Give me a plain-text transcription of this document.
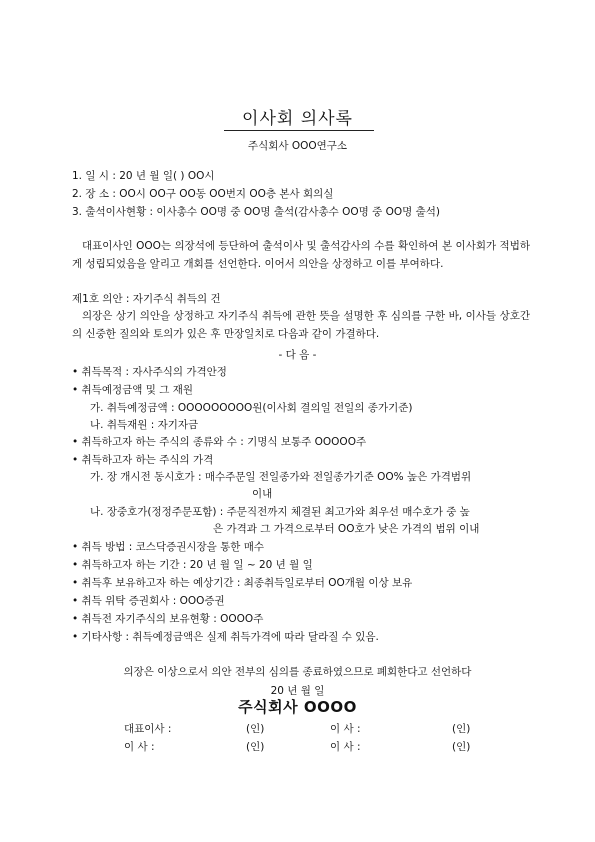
이사회 의사록
주식회사 OOO연구소
1. 일 시 : 20 년 월 일( ) OO시
2. 장 소 : OO시 OO구 OO동 OO번지 OO층 본사 회의실
3. 출석이사현황 : 이사총수 OO명 중 OO명 출석(감사총수 OO명 중 OO명 출석)
대표이사인 OOO는 의장석에 등단하여 출석이사 및 출석감사의 수를 확인하여 본 이사회가 적법하게 성립되었음을 알리고 개회를 선언한다. 이어서 의안을 상정하고 이를 부여하다.
제1호 의안 : 자기주식 취득의 건
의장은 상기 의안을 상정하고 자기주식 취득에 관한 뜻을 설명한 후 심의를 구한 바, 이사들 상호간의 신중한 질의와 토의가 있은 후 만장일치로 다음과 같이 가결하다.
- 다 음 -
• 취득목적 : 자사주식의 가격안정
• 취득예정금액 및 그 재원
가. 취득예정금액 : OOOOOOOOO원(이사회 결의일 전일의 종가기준)
나. 취득재원 : 자기자금
• 취득하고자 하는 주식의 종류와 수 : 기명식 보통주 OOOOO주
• 취득하고자 하는 주식의 가격
가. 장 개시전 동시호가 : 매수주문일 전일종가와 전일종가기준 OO% 높은 가격범위
이내
나. 장중호가(정정주문포함) : 주문직전까지 체결된 최고가와 최우선 매수호가 중 높
은 가격과 그 가격으로부터 OO호가 낮은 가격의 범위 이내
• 취득 방법 : 코스닥증권시장을 통한 매수
• 취득하고자 하는 기간 : 20 년 월 일 ~ 20 년 월 일
• 취득후 보유하고자 하는 예상기간 : 최종취득일로부터 OO개월 이상 보유
• 취득 위탁 증권회사 : OOO증권
• 취득전 자기주식의 보유현황 : OOOO주
• 기타사항 : 취득예정금액은 실제 취득가격에 따라 달라질 수 있음.
의장은 이상으로서 의안 전부의 심의를 종료하였으므로 폐회한다고 선언하다
20 년 월 일
주식회사 OOOO
대표이사 :	(인)	이 사 :	(인)
이 사 :	(인)	이 사 :	(인)
